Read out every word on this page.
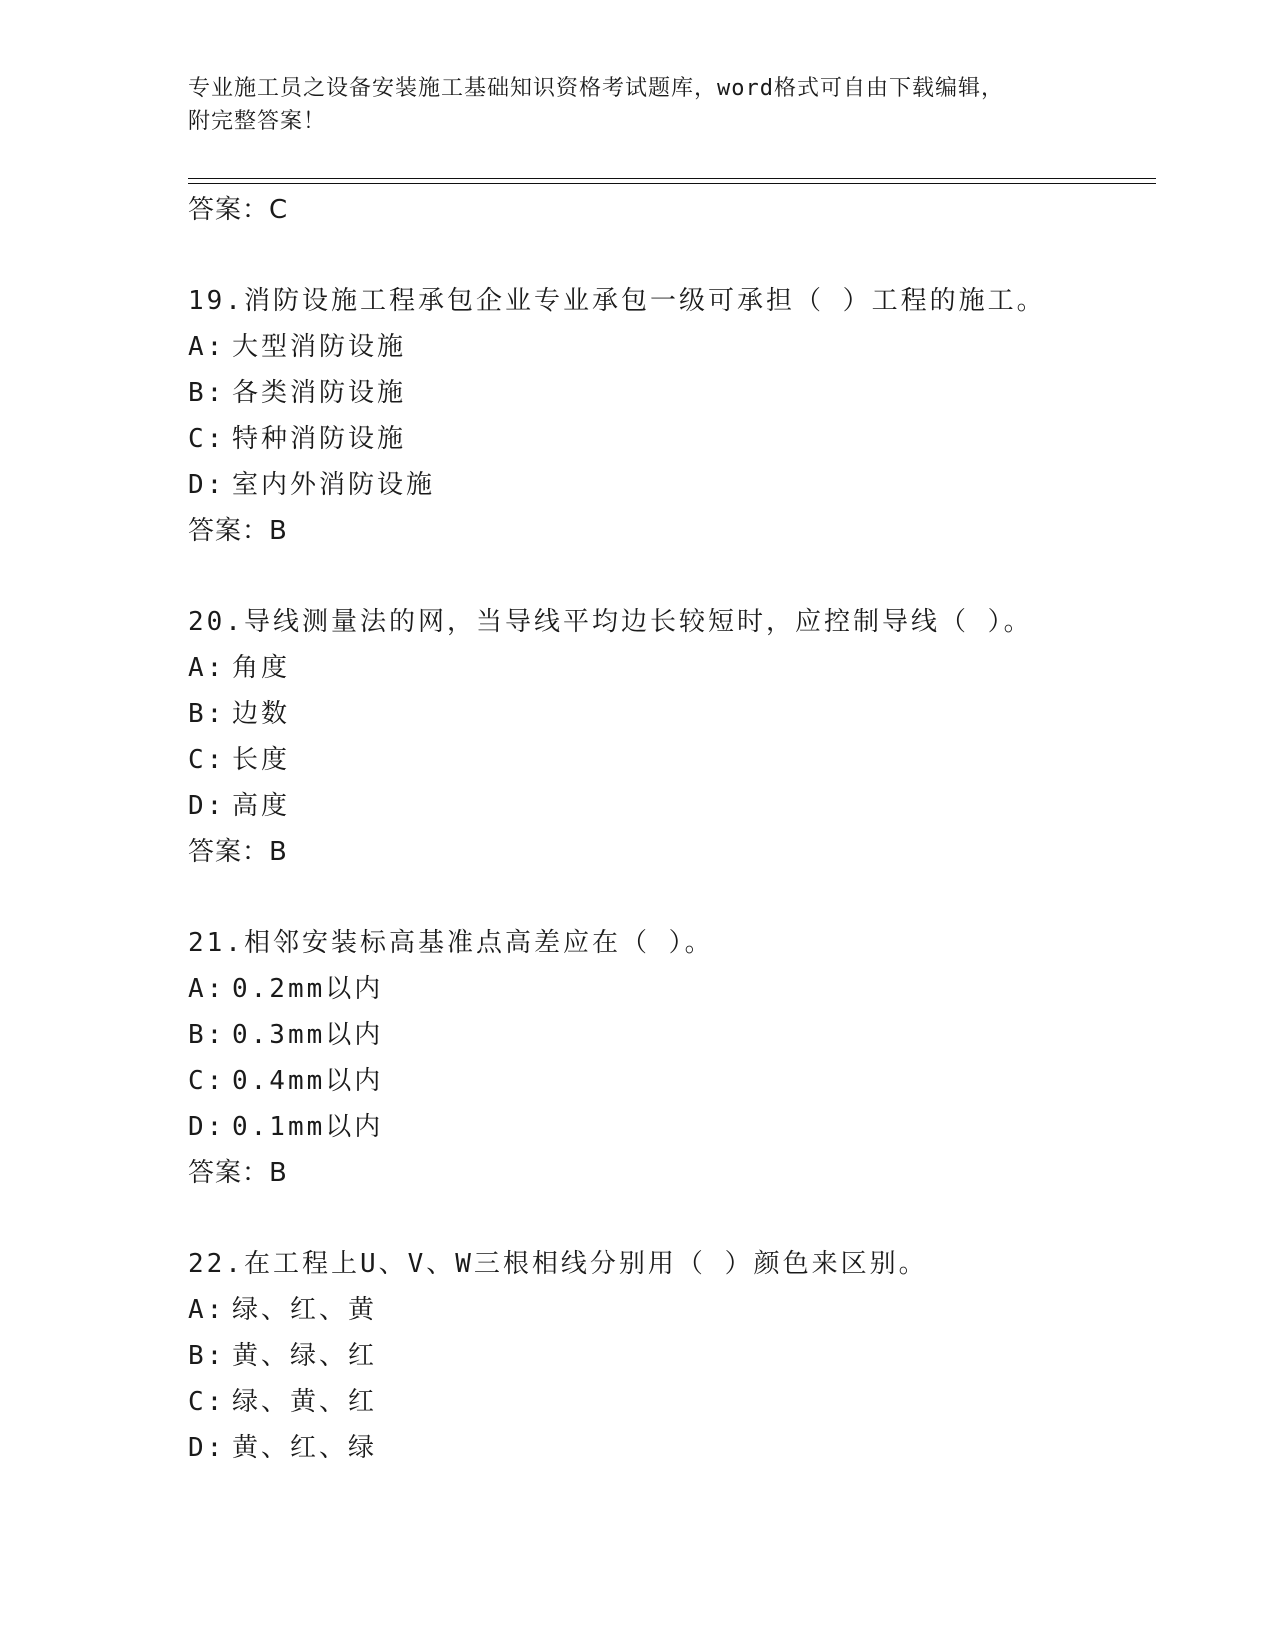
专业施工员之设备安装施工基础知识资格考试题库，word格式可自由下载编辑，
附完整答案！
答案：C
19.消防设施工程承包企业专业承包一级可承担（ ）工程的施工。
A: 大型消防设施
B: 各类消防设施
C: 特种消防设施
D: 室内外消防设施
答案：B
20.导线测量法的网，当导线平均边长较短时，应控制导线（ ）。
A: 角度
B: 边数
C: 长度
D: 高度
答案：B
21.相邻安装标高基准点高差应在（ ）。
A: 0.2mm以内
B: 0.3mm以内
C: 0.4mm以内
D: 0.1mm以内
答案：B
22.在工程上U、V、W三根相线分别用（ ）颜色来区别。
A: 绿、红、黄
B: 黄、绿、红
C: 绿、黄、红
D: 黄、红、绿
